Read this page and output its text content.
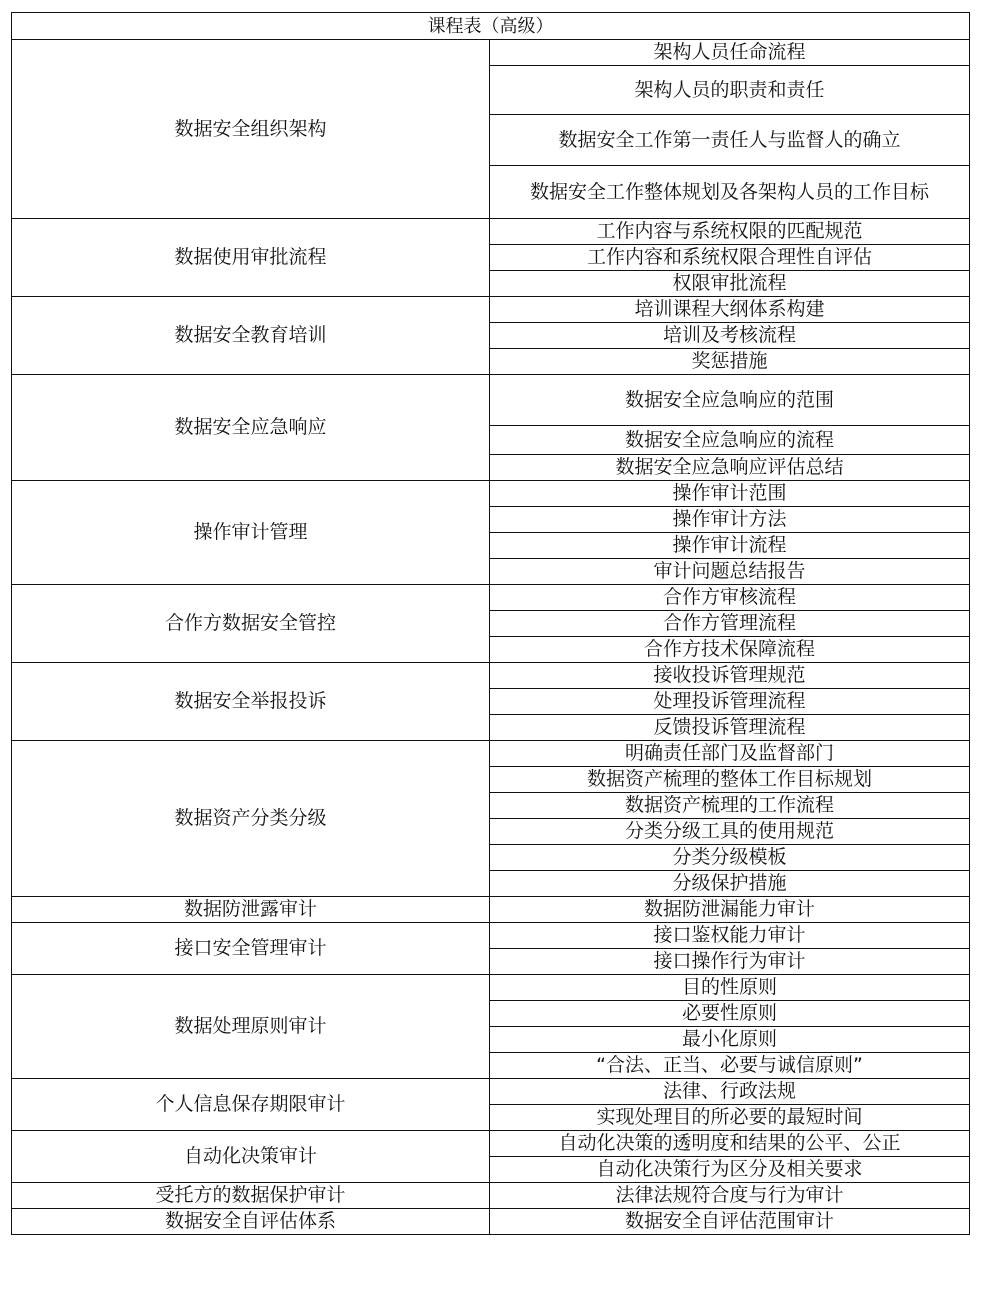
课程表（高级）	
数据安全组织架构	架构人员任命流程
	架构人员的职责和责任
	数据安全工作第一责任人与监督人的确立
	数据安全工作整体规划及各架构人员的工作目标
数据使用审批流程	工作内容与系统权限的匹配规范
	工作内容和系统权限合理性自评估
	权限审批流程
数据安全教育培训	培训课程大纲体系构建
	培训及考核流程
	奖惩措施
数据安全应急响应	数据安全应急响应的范围
	数据安全应急响应的流程
	数据安全应急响应评估总结
操作审计管理	操作审计范围
	操作审计方法
	操作审计流程
	审计问题总结报告
合作方数据安全管控	合作方审核流程
	合作方管理流程
	合作方技术保障流程
数据安全举报投诉	接收投诉管理规范
	处理投诉管理流程
	反馈投诉管理流程
数据资产分类分级	明确责任部门及监督部门
	数据资产梳理的整体工作目标规划
	数据资产梳理的工作流程
	分类分级工具的使用规范
	分类分级模板
	分级保护措施
数据防泄露审计	数据防泄漏能力审计
接口安全管理审计	接口鉴权能力审计
	接口操作行为审计
数据处理原则审计	目的性原则
	必要性原则
	最小化原则
	“合法、正当、必要与诚信原则”
个人信息保存期限审计	法律、行政法规
	实现处理目的所必要的最短时间
自动化决策审计	自动化决策的透明度和结果的公平、公正
	自动化决策行为区分及相关要求
受托方的数据保护审计	法律法规符合度与行为审计
数据安全自评估体系	数据安全自评估范围审计
